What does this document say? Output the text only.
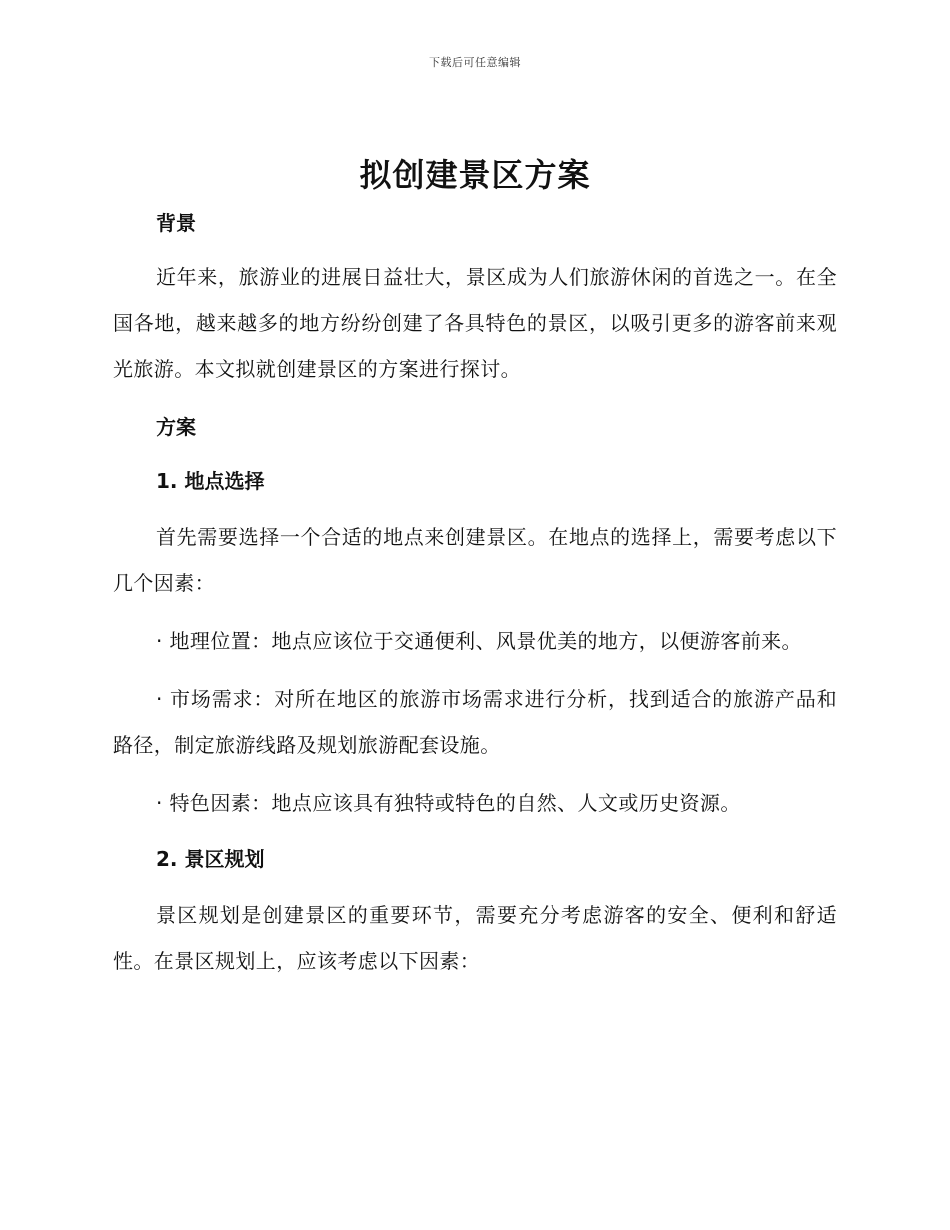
下载后可任意编辑
拟创建景区方案
背景

近年来，旅游业的进展日益壮大，景区成为人们旅游休闲的首选之一。在全国各地，越来越多的地方纷纷创建了各具特色的景区，以吸引更多的游客前来观光旅游。本文拟就创建景区的方案进行探讨。

方案
1. 地点选择

首先需要选择一个合适的地点来创建景区。在地点的选择上，需要考虑以下几个因素：

· 地理位置：地点应该位于交通便利、风景优美的地方，以便游客前来。

· 市场需求：对所在地区的旅游市场需求进行分析，找到适合的旅游产品和路径，制定旅游线路及规划旅游配套设施。

· 特色因素：地点应该具有独特或特色的自然、人文或历史资源。

2. 景区规划

景区规划是创建景区的重要环节，需要充分考虑游客的安全、便利和舒适性。在景区规划上，应该考虑以下因素：
